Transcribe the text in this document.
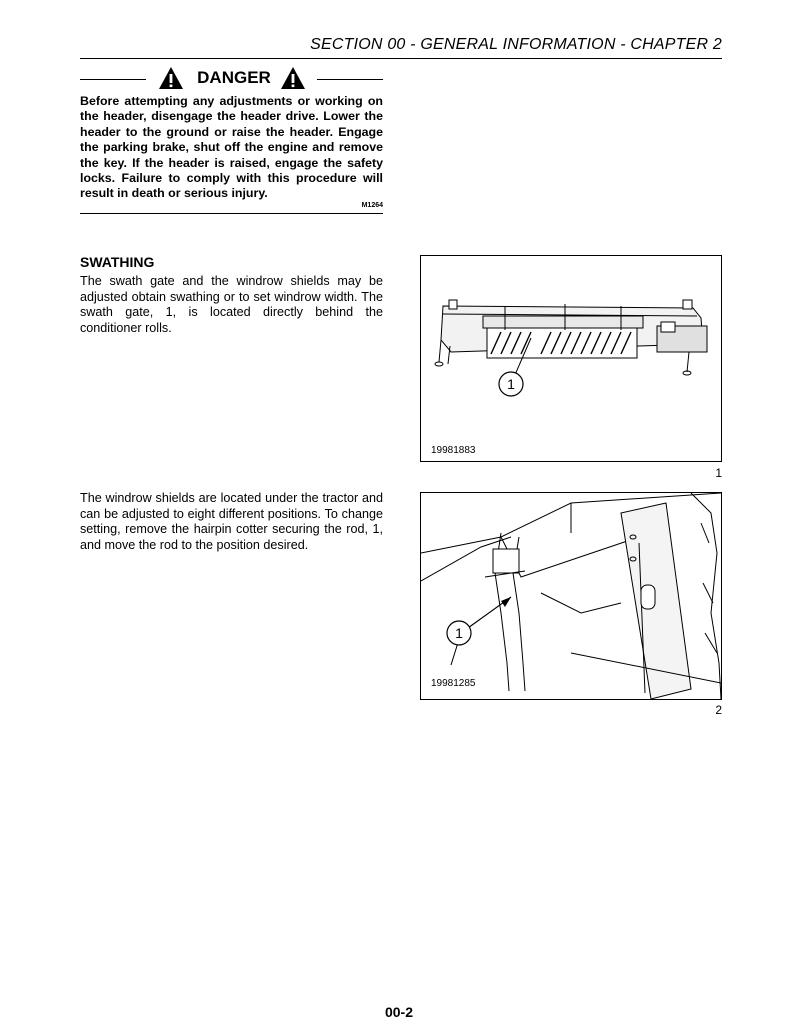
SECTION 00 - GENERAL INFORMATION - CHAPTER 2
DANGER

Before attempting any adjustments or working on the header, disengage the header drive. Lower the header to the ground or raise the header. Engage the parking brake, shut off the engine and remove the key. If the header is raised, engage the safety locks. Failure to comply with this procedure will result in death or serious injury.

M1264
SWATHING

The swath gate and the windrow shields may be adjusted obtain swathing or to set windrow width. The swath gate, 1, is located directly behind the conditioner rolls.

The windrow shields are located under the tractor and can be adjusted to eight different positions. To change setting, remove the hairpin cotter securing the rod, 1, and move the rod to the position desired.

1
19981883
1
1
19981285
2
00-2
